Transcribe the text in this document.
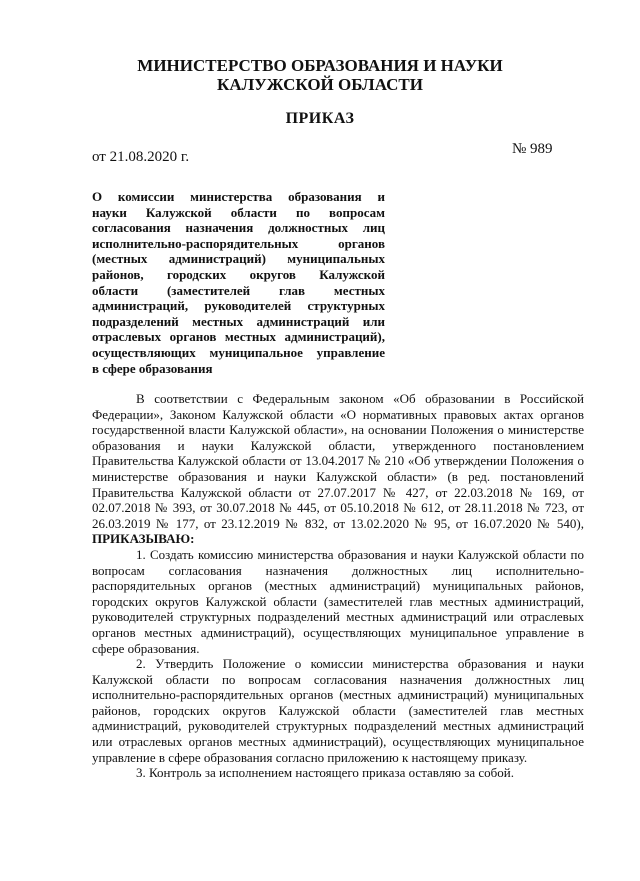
МИНИСТЕРСТВО ОБРАЗОВАНИЯ И НАУКИ
КАЛУЖСКОЙ ОБЛАСТИ
ПРИКАЗ
от 21.08.2020 г.	№ 989
О комиссии министерства образования и
науки Калужской области по вопросам
согласования назначения должностных лиц
исполнительно-распорядительных органов
(местных администраций) муниципальных
районов, городских округов Калужской
области (заместителей глав местных
администраций, руководителей структурных
подразделений местных администраций или
отраслевых органов местных администраций),
осуществляющих муниципальное управление
в сфере образования

В соответствии с Федеральным законом «Об образовании в Российской Федерации», Законом Калужской области «О нормативных правовых актах органов государственной власти Калужской области», на основании Положения о министерстве образования и науки Калужской области, утвержденного постановлением Правительства Калужской области от 13.04.2017 № 210 «Об утверждении Положения о министерстве образования и науки Калужской области» (в ред. постановлений Правительства Калужской области от 27.07.2017 № 427, от 22.03.2018 № 169, от 02.07.2018 № 393, от 30.07.2018 № 445, от 05.10.2018 № 612, от 28.11.2018 № 723, от 26.03.2019 № 177, от 23.12.2019 № 832, от 13.02.2020 № 95, от 16.07.2020 № 540), ПРИКАЗЫВАЮ:

1. Создать комиссию министерства образования и науки Калужской области по вопросам согласования назначения должностных лиц исполнительно-распорядительных органов (местных администраций) муниципальных районов, городских округов Калужской области (заместителей глав местных администраций, руководителей структурных подразделений местных администраций или отраслевых органов местных администраций), осуществляющих муниципальное управление в сфере образования.

2. Утвердить Положение о комиссии министерства образования и науки Калужской области по вопросам согласования назначения должностных лиц исполнительно-распорядительных органов (местных администраций) муниципальных районов, городских округов Калужской области (заместителей глав местных администраций, руководителей структурных подразделений местных администраций или отраслевых органов местных администраций), осуществляющих муниципальное управление в сфере образования согласно приложению к настоящему приказу.

3. Контроль за исполнением настоящего приказа оставляю за собой.
